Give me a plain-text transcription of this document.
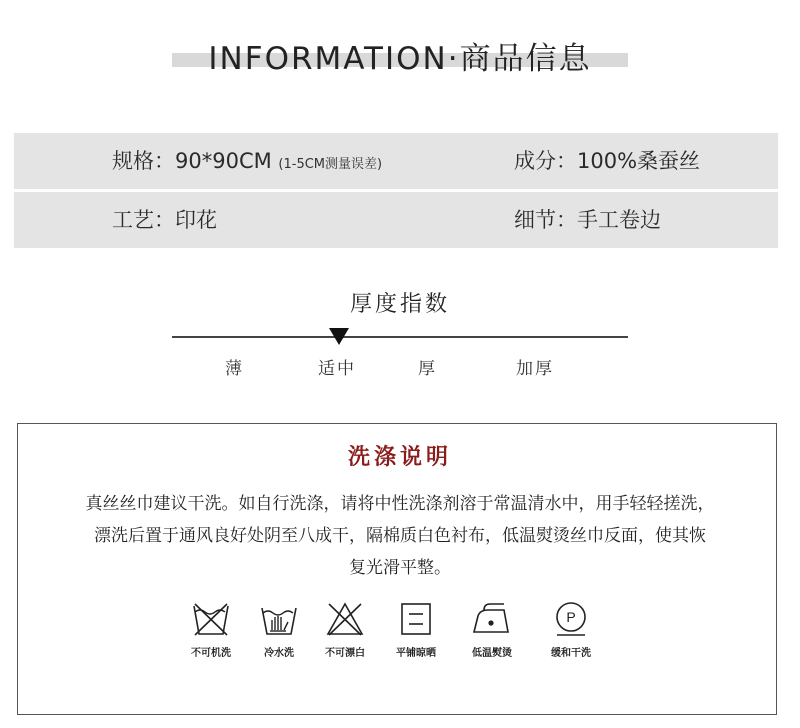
INFORMATION·商品信息
规格：90*90CM (1-5CM测量误差)	成分：100%桑蚕丝
工艺：印花	细节：手工卷边
厚度指数
薄	适中	厚	加厚
洗涤说明
真丝丝巾建议干洗。如自行洗涤，请将中性洗涤剂溶于常温清水中，用手轻轻搓洗，
漂洗后置于通风良好处阴至八成干，隔棉质白色衬布，低温熨烫丝巾反面，使其恢
复光滑平整。
不可机洗	冷水洗	不可漂白	平铺晾晒	低温熨烫
P
缓和干洗
